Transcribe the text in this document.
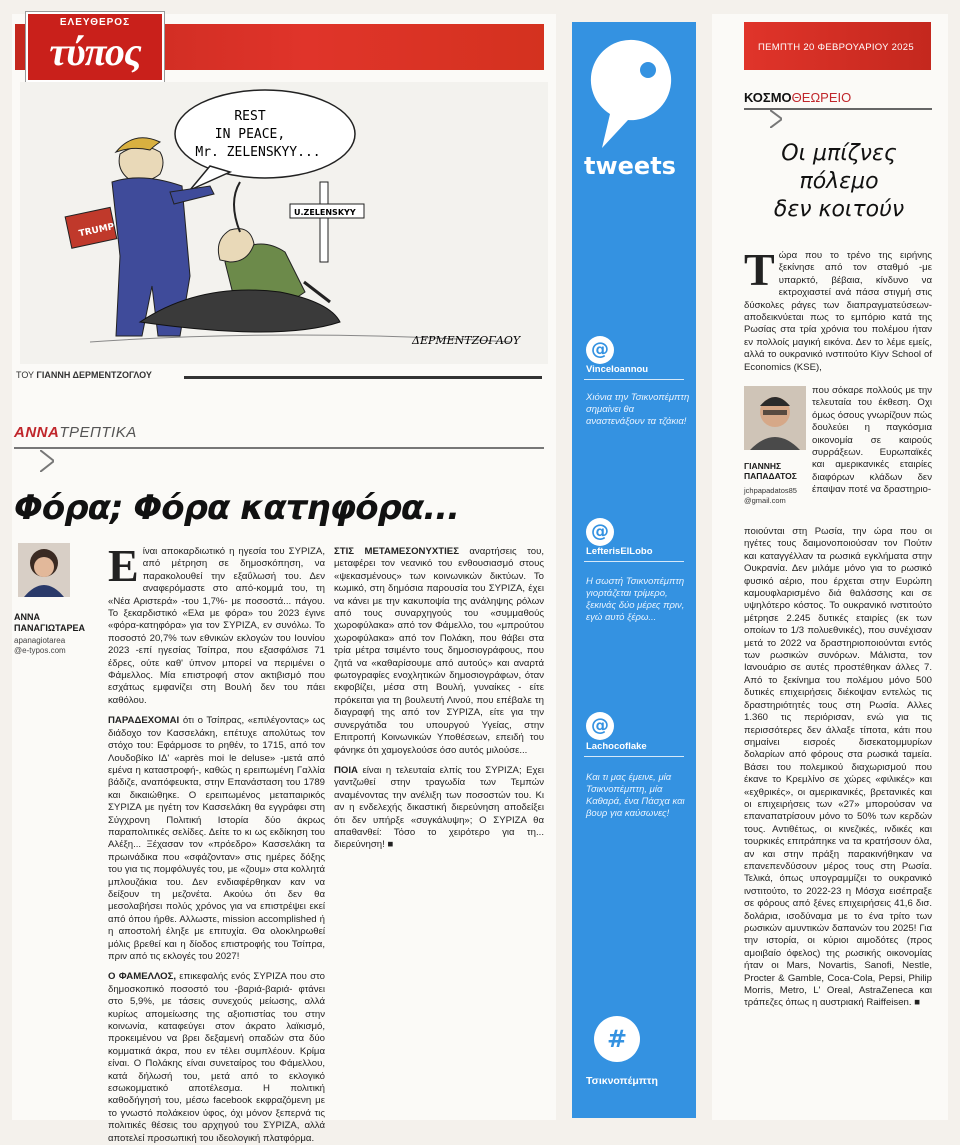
ΕΛΕΥΘΕΡΟΣ
τύπος
REST
IN PEACE,
Mr. ZELENSKYY...
TRUMP
U.ZELENSKYY
ΔΕΡΜΕΝΤΖΟΓΛΟΥ
ΤΟΥ ΓΙΑΝΝΗ ΔΕΡΜΕΝΤΖΟΓΛΟΥ
ΑΝΝΑΤΡΕΠΤΙΚΑ
Φόρα; Φόρα κατηφόρα...
ΑΝΝΑ
ΠΑΝΑΓΙΩΤΑΡΕΑ
apanagiotarea
@e-typos.com

Είναι αποκαρδιωτικό η ηγεσία του ΣΥΡΙΖΑ, από μέτρηση σε δημοσκόπηση, να παρακολουθεί την εξαΰλωσή του. Δεν αναφερόμαστε στο από-κομμά του, τη «Νέα Αριστερά» -του 1,7%- με ποσοστά... πάγου. Το ξεκαρδιστικό «Ελα με φόρα» του 2023 έγινε «φόρα-κατηφόρα» για τον ΣΥΡΙΖΑ, εν συνόλω. Το ποσοστό 20,7% των εθνικών εκλογών του Ιουνίου 2023 -επί ηγεσίας Τσίπρα, που εξασφάλισε 71 έδρες, ούτε καθ' ύπνον μπορεί να περιμένει ο Φάμελλος. Μία επιστροφή στον ακτιβισμό που εσχάτως εμφανίζει στη Βουλή δεν του πάει καθόλου.

ΠΑΡΑΔΕΧΟΜΑΙ ότι ο Τσίπρας, «επιλέγοντας» ως διάδοχο τον Κασσελάκη, επέτυχε απολύτως τον στόχο του: Εφάρμοσε το ρηθέν, το 1715, από τον Λουδοβίκο ΙΔ' «après moi le deluse» -μετά από εμένα η καταστροφή-, καθώς η ερειπωμένη Γαλλία βάδιζε, αναπόφευκτα, στην Επανάσταση του 1789 και δικαιώθηκε. Ο ερειπωμένος μεταπαιρικός ΣΥΡΙΖΑ με ηγέτη τον Κασσελάκη θα εγγράφει στη Σύγχρονη Πολιτική Ιστορία δύο άκρως παραπολιτικές σελίδες. Δείτε το κι ως εκδίκηση του Αλέξη... Ξέχασαν τον «πρόεδρο» Κασσελάκη τα πρωινάδικα που «σφάζονταν» στις ημέρες δόξης του για τις πομφόλυγές του, με «ζουμ» στα κολλητά μπλουζάκια του. Δεν ενδιαφέρθηκαν καν να δείξουν τη μεζονέτα. Ακούω ότι δεν θα μεσολαβήσει πολύς χρόνος για να επιστρέψει εκεί από όπου ήρθε. Αλλωστε, mission accomplished ή η αποστολή έληξε με επιτυχία. Θα ολοκληρωθεί μόλις βρεθεί και η δίοδος επιστροφής του Τσίπρα, πριν από τις εκλογές του 2027!

Ο ΦΑΜΕΛΛΟΣ, επικεφαλής ενός ΣΥΡΙΖΑ που στο δημοσκοπικό ποσοστό του -βαριά-βαριά- φτάνει στο 5,9%, με τάσεις συνεχούς μείωσης, αλλά κυρίως απομείωσης της αξιοπιστίας του στην κοινωνία, καταφεύγει στον άκρατο λαϊκισμό, προκειμένου να βρει δεξαμενή οπαδών στα δύο κομματικά άκρα, που εν τέλει συμπλέουν. Κρίμα είναι. Ο Πολάκης είναι συνεταίρος του Φάμελλου, κατά δήλωσή του, μετά από το εκλογικό εσωκομματικό αποτέλεσμα. Η πολιτική καθοδήγησή του, μέσω facebook εκφραζόμενη με το γνωστό πολάκειον ύφος, όχι μόνον ξεπερνά τις πολιτικές θέσεις του αρχηγού του ΣΥΡΙΖΑ, αλλά αποτελεί προσωπική του ιδεολογική πλατφόρμα.

ΣΤΙΣ ΜΕΤΑΜΕΣΟΝΥΧΤΙΕΣ αναρτήσεις του, μεταφέρει τον νεανικό του ενθουσιασμό στους «ψεκασμένους» των κοινωνικών δικτύων. Το κωμικό, στη δημόσια παρουσία του ΣΥΡΙΖΑ, έχει να κάνει με την κακυποψία της ανάληψης ρόλων από τους συναρχηγούς του «συμμαθούς χωροφύλακα» από τον Φάμελλο, του «μπρούτου χωροφύλακα» από τον Πολάκη, που θάβει στα τρία μέτρα τσιμέντο τους δημοσιογράφους, που ζητά να «καθαρίσουμε από αυτούς» και αναρτά φωτογραφίες ενοχλητικών δημοσιογράφων, όταν εκφοβίζει, μέσα στη Βουλή, γυναίκες - είτε πρόκειται για τη βουλευτή Λινού, που επέβαλε τη διαγραφή της από τον ΣΥΡΙΖΑ, είτε για την συνεργάτιδα του υπουργού Υγείας, στην Επιτροπή Κοινωνικών Υποθέσεων, επειδή του φάνηκε ότι χαμογελούσε όσο αυτός μιλούσε...

ΠΟΙΑ είναι η τελευταία ελπίς του ΣΥΡΙΖΑ; Εχει γαντζωθεί στην τραγωδία των Τεμπών αναμένοντας την ανέλιξη των ποσοστών του. Κι αν η ενδελεχής δικαστική διερεύνηση αποδείξει ότι δεν υπήρξε «συγκάλυψη»; Ο ΣΥΡΙΖΑ θα απαθανθεί: Τόσο το χειρότερο για τη... διερεύνηση! ■

tweets
@
VinceIoannou
Χιόνια την Τσικνοπέμπτη σημαίνει θα αναστενάξουν τα τζάκια!
@
LefterisElLobo
Η σωστή Τσικνοπέμπτη γιορτάζεται τρίμερο, ξεκινάς δύο μέρες πριν, εγώ αυτό ξέρω...
@
Lachocoflake
Και τι μας έμεινε, μία Τσικνοπέμπτη, μία Καθαρά, ένα Πάσχα και βουρ για καύσωνες!
#
Τσικνοπέμπτη
ΠΕΜΠΤΗ 20 ΦΕΒΡΟΥΑΡΙΟΥ 2025
ΚΟΣΜΟΘΕΩΡΕΙΟ
Οι μπίζνες
πόλεμο
δεν κοιτούν

Τώρα που το τρένο της ειρήνης ξεκίνησε από τον σταθμό -με υπαρκτό, βέβαια, κίνδυνο να εκτροχιαστεί ανά πάσα στιγμή στις δύσκολες ράγες των διαπραγματεύσεων- αποδεικνύεται πως το εμπόριο κατά της Ρωσίας στα τρία χρόνια του πολέμου ήταν εν πολλοίς μαγική εικόνα. Δεν το λέμε εμείς, αλλά το ουκρανικό ινστιτούτο Kiyv School of Economics (KSE),

ΓΙΑΝΝΗΣ
ΠΑΠΑΔΑΤΟΣ
jchpapadatos85
@gmail.com
που σόκαρε πολλούς με την τελευταία του έκθεση. Οχι όμως όσους γνωρίζουν πώς δουλεύει η παγκόσμια οικονομία σε καιρούς συρράξεων. Ευρωπαϊκές και αμερικανικές εταιρίες διαφόρων κλάδων δεν έπαψαν ποτέ να δραστηριο-
ποιούνται στη Ρωσία, την ώρα που οι ηγέτες τους δαιμονοποιούσαν τον Πούτιν και καταγγέλλαν τα ρωσικά εγκλήματα στην Ουκρανία. Δεν μιλάμε μόνο για το ρωσικό φυσικό αέριο, που έρχεται στην Ευρώπη καμουφλαρισμένο διά θαλάσσης και σε υψηλότερο κόστος. Το ουκρανικό ινστιτούτο μέτρησε 2.245 δυτικές εταιρίες (εκ των οποίων το 1/3 πολυεθνικές), που συνέχισαν μετά το 2022 να δραστηριοποιούνται εντός των ρωσικών συνόρων. Μάλιστα, τον Ιανουάριο σε αυτές προστέθηκαν άλλες 7. Από το ξεκίνημα του πολέμου μόνο 500 δυτικές επιχειρήσεις διέκοψαν εντελώς τις δραστηριότητές τους στη Ρωσία. Αλλες 1.360 τις περιόρισαν, ενώ για τις περισσότερες δεν άλλαξε τίποτα, κάτι που σημαίνει εισροές δισεκατομμυρίων δολαρίων από φόρους στα ρωσικά ταμεία. Βάσει του πολεμικού διαχωρισμού που έκανε το Κρεμλίνο σε χώρες «φιλικές» και «εχθρικές», οι αμερικανικές, βρετανικές και οι επιχειρήσεις των «27» μπορούσαν να επαναπατρίσουν μόνο το 50% των κερδών τους. Αντιθέτως, οι κινεζικές, ινδικές και τουρκικές επιτράπηκε να τα κρατήσουν όλα, αν και στην πράξη παρακινήθηκαν να επανεπενδύσουν μέρος τους στη Ρωσία. Τελικά, όπως υπογραμμίζει το ουκρανικό ινστιτούτο, το 2022-23 η Μόσχα εισέπραξε σε φόρους από ξένες επιχειρήσεις 41,6 δισ. δολάρια, ισοδύναμα με το ένα τρίτο των ρωσικών αμυντικών δαπανών του 2025! Για την ιστορία, οι κύριοι αιμοδότες (προς αμοιβαίο όφελος) της ρωσικής οικονομίας ήταν οι Mars, Novartis, Sanofi, Nestle, Procter & Gamble, Coca-Cola, Pepsi, Philip Morris, Metro, L' Oreal, AstraZeneca και τράπεζες όπως η αυστριακή Raiffeisen. ■
